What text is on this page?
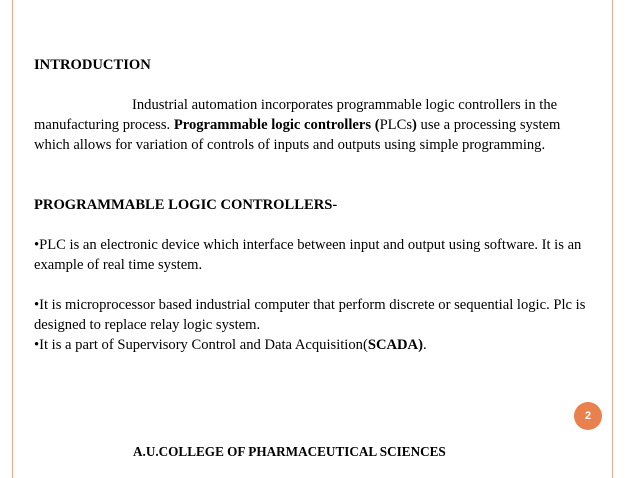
INTRODUCTION

Industrial automation incorporates programmable logic controllers in the manufacturing process. Programmable logic controllers (PLCs) use a processing system which allows for variation of controls of inputs and outputs using simple programming.

PROGRAMMABLE LOGIC CONTROLLERS-

•PLC is an electronic device which interface between input and output using software. It is an example of real time system.

•It is microprocessor based industrial computer that perform discrete or sequential logic. Plc is designed to replace relay logic system.

•It is a part of Supervisory Control and Data Acquisition(SCADA).

2
A.U.COLLEGE OF PHARMACEUTICAL SCIENCES
